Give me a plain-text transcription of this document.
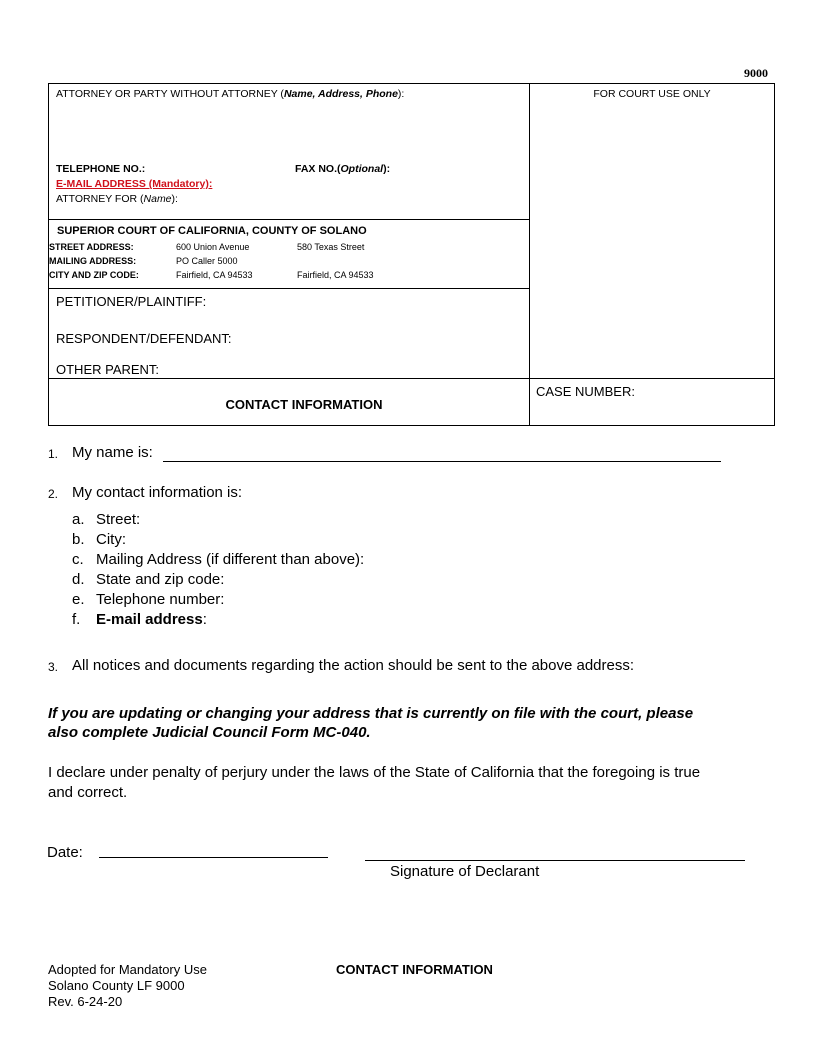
9000
ATTORNEY OR PARTY WITHOUT ATTORNEY (Name, Address, Phone):
TELEPHONE NO.:	FAX NO.(Optional):
E-MAIL ADDRESS (Mandatory):
ATTORNEY FOR (Name):
FOR COURT USE ONLY
SUPERIOR COURT OF CALIFORNIA, COUNTY OF SOLANO
STREET ADDRESS:	600 Union Avenue	580 Texas Street
MAILING ADDRESS:	PO Caller 5000
CITY AND ZIP CODE:	Fairfield, CA 94533	Fairfield, CA 94533
PETITIONER/PLAINTIFF:
RESPONDENT/DEFENDANT:
OTHER PARENT:
CONTACT INFORMATION
CASE NUMBER:
1. My name is:
2. My contact information is:
a. Street:
b. City:
c. Mailing Address (if different than above):
d. State and zip code:
e. Telephone number:
f. E-mail address:
3. All notices and documents regarding the action should be sent to the above address:
If you are updating or changing your address that is currently on file with the court, please
also complete Judicial Council Form MC-040.
I declare under penalty of perjury under the laws of the State of California that the foregoing is true
and correct.
Date:
Signature of Declarant
Adopted for Mandatory Use
Solano County LF 9000
Rev. 6-24-20
CONTACT INFORMATION
